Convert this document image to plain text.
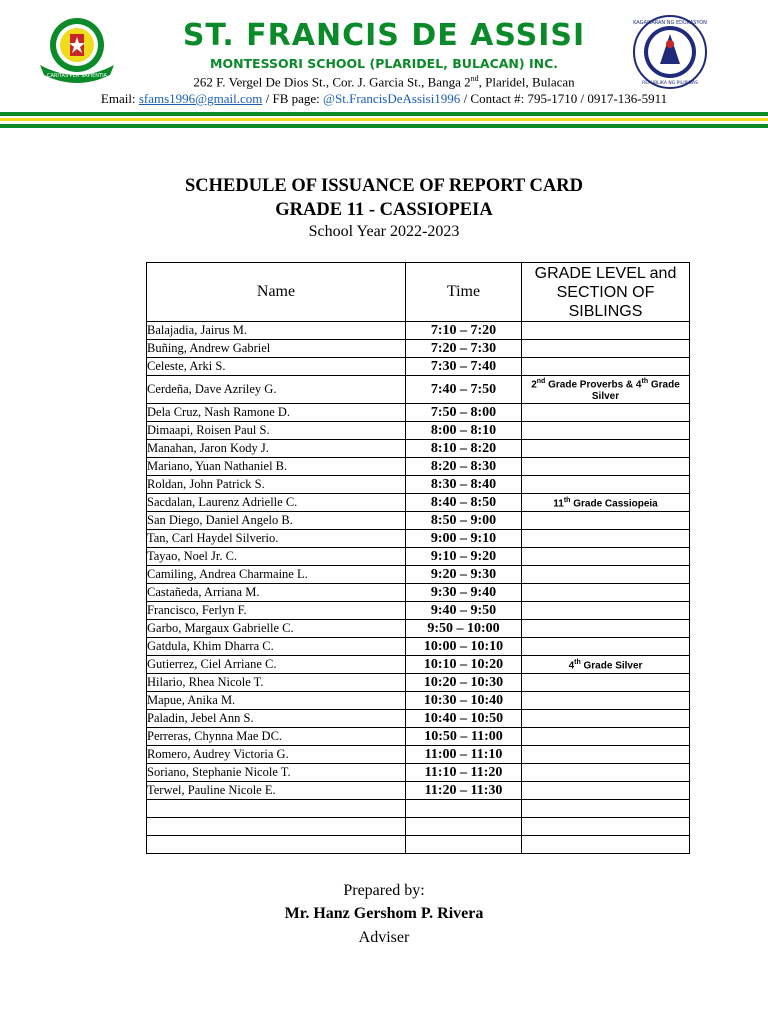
CARITAS PER SAPIENTIA
KAGAWARAN NG EDUKASYON
REPUBLIKA NG PILIPINAS
ST. FRANCIS DE ASSISI
MONTESSORI SCHOOL (PLARIDEL, BULACAN) INC.
262 F. Vergel De Dios St., Cor. J. Garcia St., Banga 2nd, Plaridel, Bulacan
Email: sfams1996@gmail.com / FB page: @St.FrancisDeAssisi1996 / Contact #: 795-1710 / 0917-136-5911
SCHEDULE OF ISSUANCE OF REPORT CARD
GRADE 11 - CASSIOPEIA
School Year 2022-2023
Name	Time	GRADE LEVEL and SECTION OF SIBLINGS
Balajadia, Jairus M.	7:10 – 7:20	
Buñing, Andrew Gabriel	7:20 – 7:30	
Celeste, Arki S.	7:30 – 7:40	
Cerdeña, Dave Azriley G.	7:40 – 7:50	2nd Grade Proverbs & 4th Grade Silver
Dela Cruz, Nash Ramone D.	7:50 – 8:00	
Dimaapi, Roisen Paul S.	8:00 – 8:10	
Manahan, Jaron Kody J.	8:10 – 8:20	
Mariano, Yuan Nathaniel B.	8:20 – 8:30	
Roldan, John Patrick S.	8:30 – 8:40	
Sacdalan, Laurenz Adrielle C.	8:40 – 8:50	11th Grade Cassiopeia
San Diego, Daniel Angelo B.	8:50 – 9:00	
Tan, Carl Haydel Silverio.	9:00 – 9:10	
Tayao, Noel Jr. C.	9:10 – 9:20	
Camiling, Andrea Charmaine L.	9:20 – 9:30	
Castañeda, Arriana M.	9:30 – 9:40	
Francisco, Ferlyn F.	9:40 – 9:50	
Garbo, Margaux Gabrielle C.	9:50 – 10:00	
Gatdula, Khim Dharra C.	10:00 – 10:10	
Gutierrez, Ciel Arriane C.	10:10 – 10:20	4th Grade Silver
Hilario, Rhea Nicole T.	10:20 – 10:30	
Mapue, Anika M.	10:30 – 10:40	
Paladin, Jebel Ann S.	10:40 – 10:50	
Perreras, Chynna Mae DC.	10:50 – 11:00	
Romero, Audrey Victoria G.	11:00 – 11:10	
Soriano, Stephanie Nicole T.	11:10 – 11:20	
Terwel, Pauline Nicole E.	11:20 – 11:30	

Prepared by:
Mr. Hanz Gershom P. Rivera
Adviser
